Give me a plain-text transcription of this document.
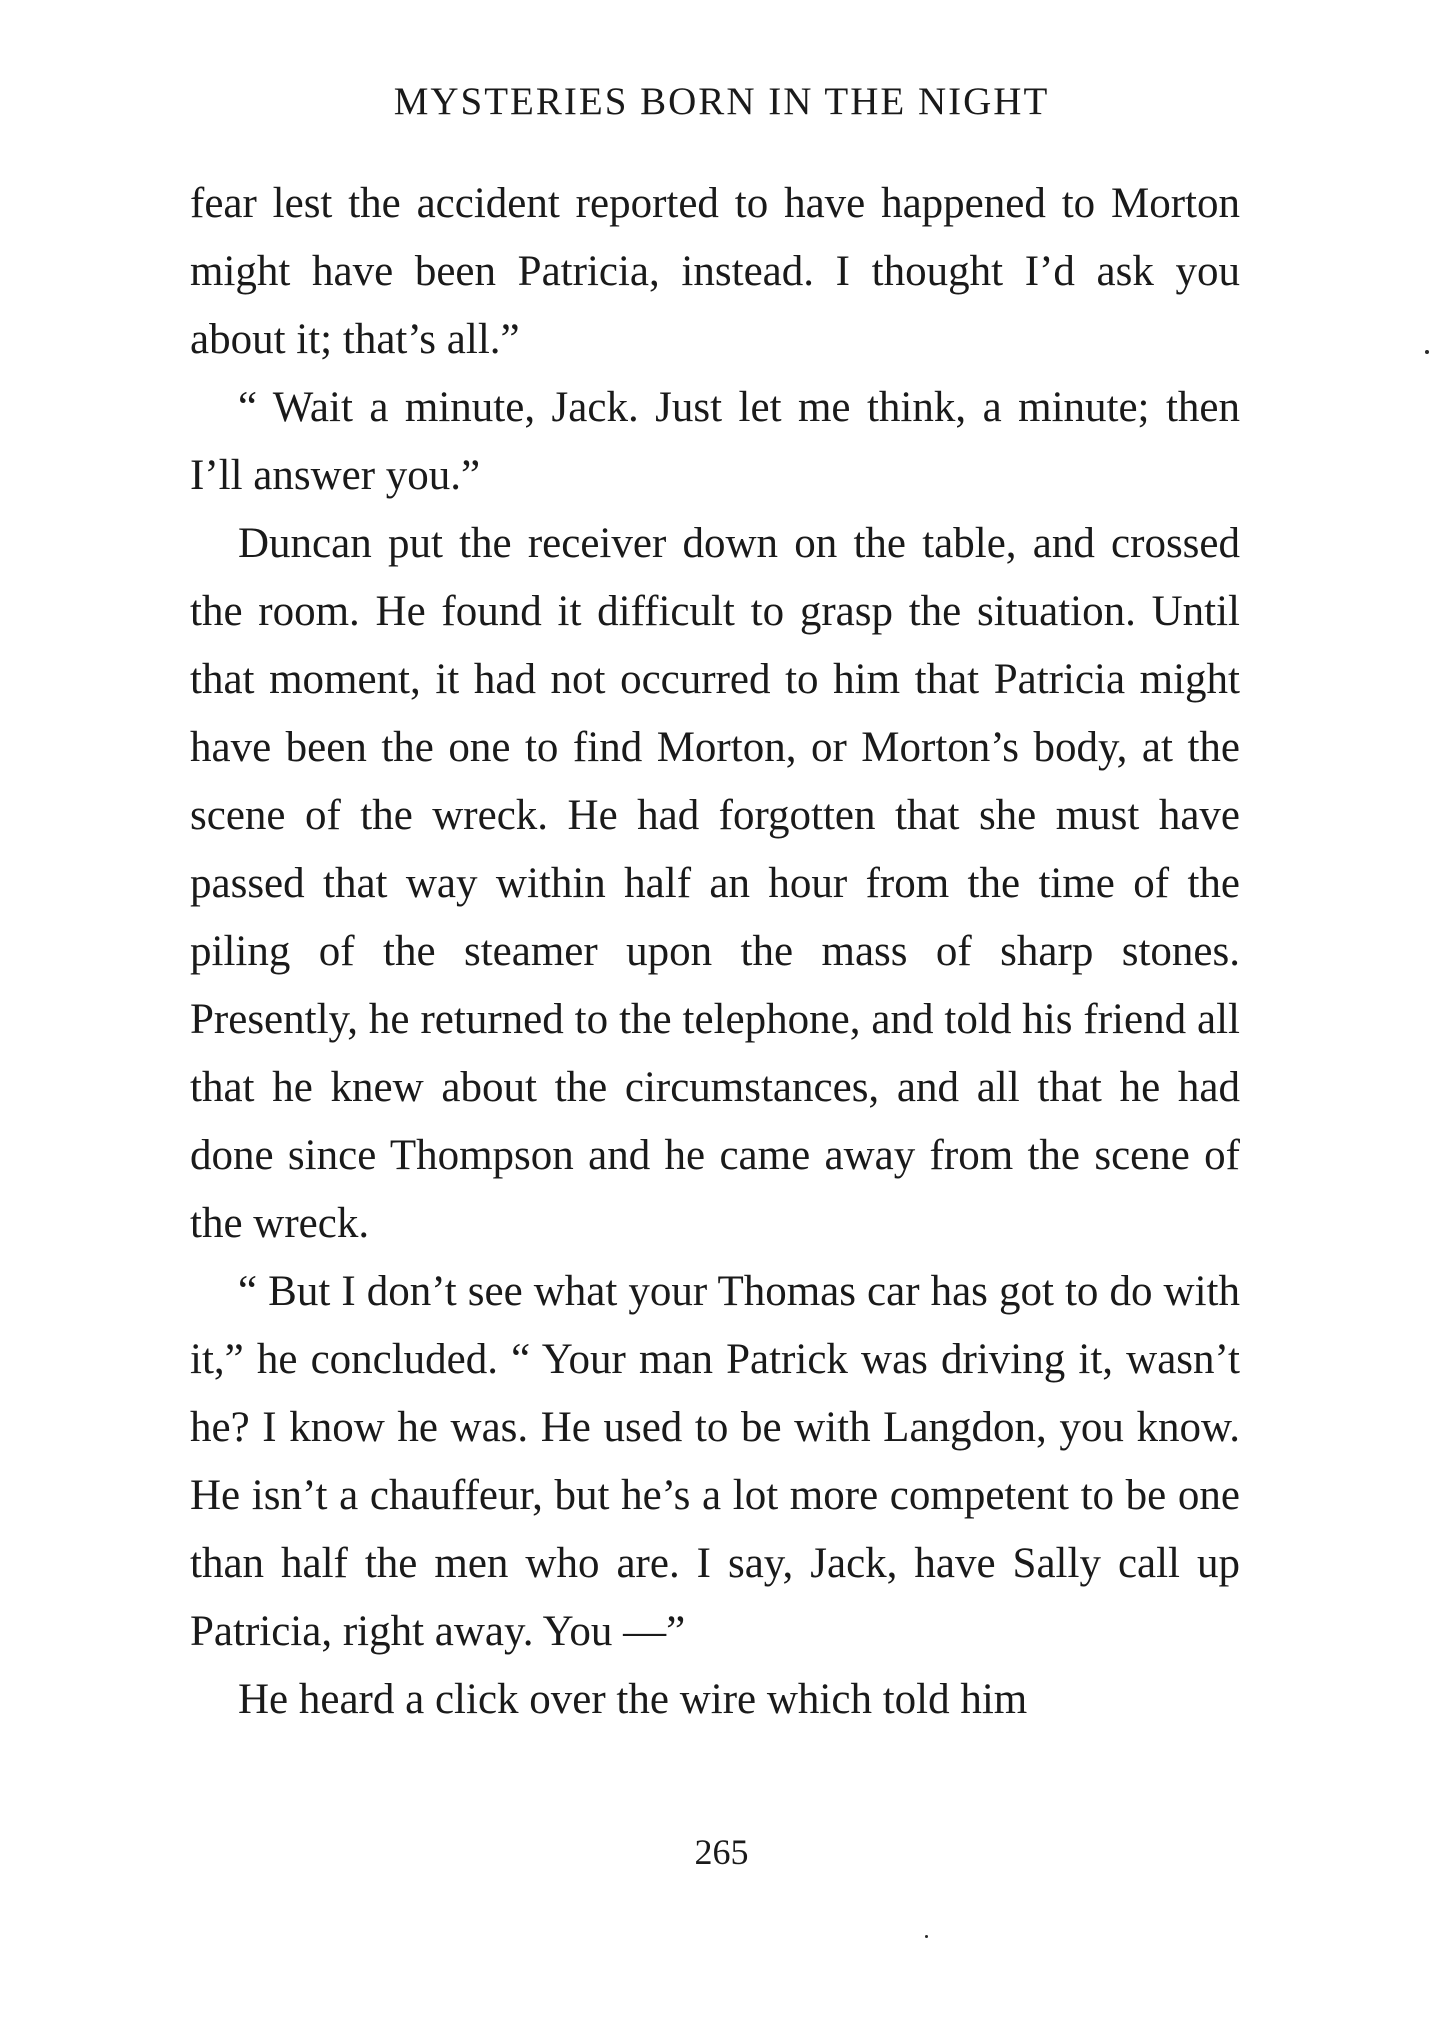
MYSTERIES BORN IN THE NIGHT

fear lest the accident reported to have happened to Morton might have been Patricia, instead. I thought I’d ask you about it; that’s all.”

“ Wait a minute, Jack. Just let me think, a minute; then I’ll answer you.”

Duncan put the receiver down on the table, and crossed the room. He found it difficult to grasp the situation. Until that moment, it had not occurred to him that Patricia might have been the one to find Morton, or Morton’s body, at the scene of the wreck. He had forgotten that she must have passed that way within half an hour from the time of the piling of the steamer upon the mass of sharp stones. Presently, he returned to the telephone, and told his friend all that he knew about the circumstances, and all that he had done since Thompson and he came away from the scene of the wreck.

“ But I don’t see what your Thomas car has got to do with it,” he concluded. “ Your man Patrick was driving it, wasn’t he? I know he was. He used to be with Langdon, you know. He isn’t a chauffeur, but he’s a lot more competent to be one than half the men who are. I say, Jack, have Sally call up Patricia, right away. You —”

He heard a click over the wire which told him

265
